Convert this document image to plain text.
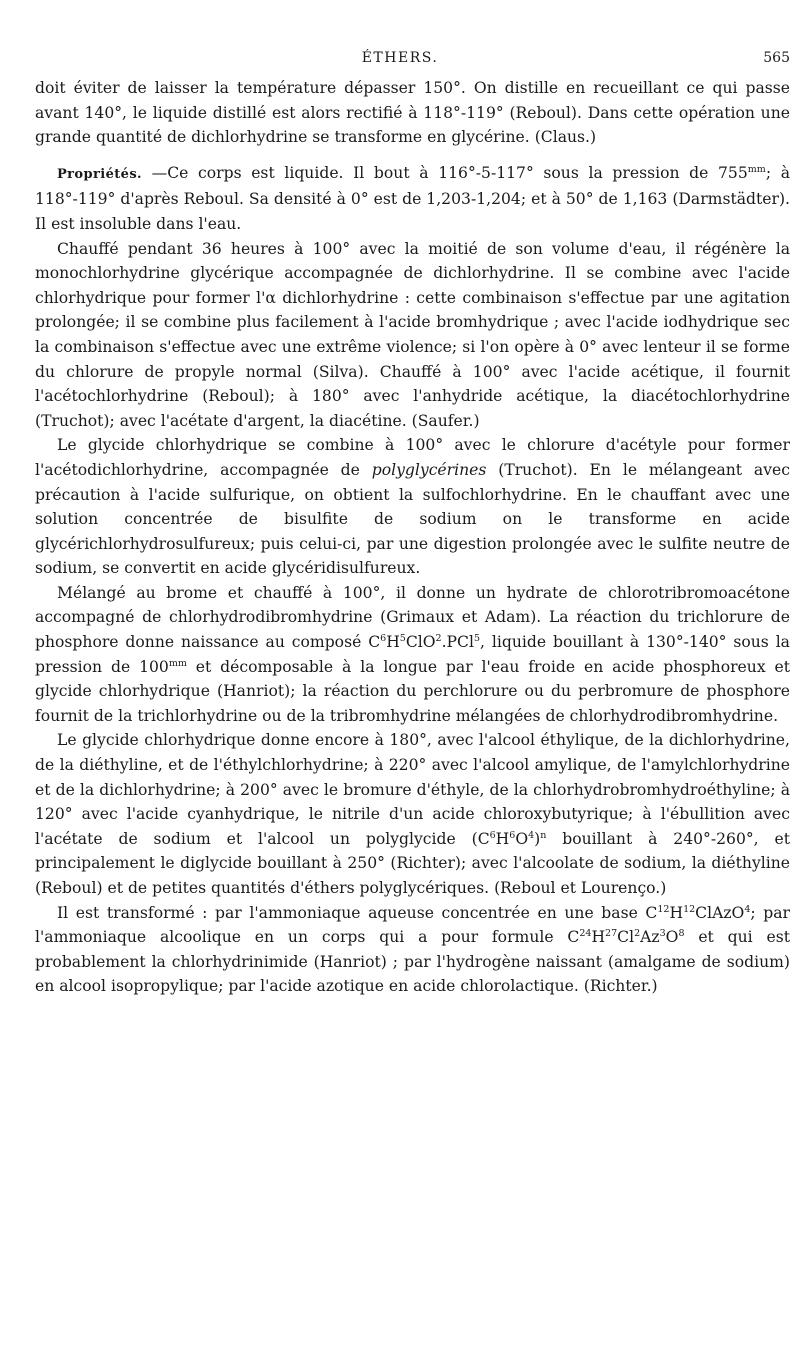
ÉTHERS.	565

doit éviter de laisser la température dépasser 150°. On distille en recueillant ce qui passe avant 140°, le liquide distillé est alors rectifié à 118°-119° (Reboul). Dans cette opération une grande quantité de dichlorhydrine se transforme en glycérine. (Claus.)

Propriétés. —Ce corps est liquide. Il bout à 116°-5-117° sous la pression de $755^{mm}$; à 118°-119° d'après Reboul. Sa densité à 0° est de 1,203-1,204; et à 50° de 1,163 (Darmstädter). Il est insoluble dans l'eau.

Chauffé pendant 36 heures à 100° avec la moitié de son volume d'eau, il régénère la monochlorhydrine glycérique accompagnée de dichlorhydrine. Il se combine avec l'acide chlorhydrique pour former l'α dichlorhydrine : cette combinaison s'effectue par une agitation prolongée; il se combine plus facilement à l'acide bromhydrique ; avec l'acide iodhydrique sec la combinaison s'effectue avec une extrême violence; si l'on opère à 0° avec lenteur il se forme du chlorure de propyle normal (Silva). Chauffé à 100° avec l'acide acétique, il fournit l'acétochlorhydrine (Reboul); à 180° avec l'anhydride acétique, la diacétochlorhydrine (Truchot); avec l'acétate d'argent, la diacétine. (Saufer.)

Le glycide chlorhydrique se combine à 100° avec le chlorure d'acétyle pour former l'acétodichlorhydrine, accompagnée de polyglycérines (Truchot). En le mélangeant avec précaution à l'acide sulfurique, on obtient la sulfochlorhydrine. En le chauffant avec une solution concentrée de bisulfite de sodium on le transforme en acide glycérichlorhydrosulfureux; puis celui-ci, par une digestion prolongée avec le sulfite neutre de sodium, se convertit en acide glycéridisulfureux.

Mélangé au brome et chauffé à 100°, il donne un hydrate de chlorotribromoacétone accompagné de chlorhydrodibromhydrine (Grimaux et Adam). La réaction du trichlorure de phosphore donne naissance au composé $C^6H^5ClO^2.PCl^5$, liquide bouillant à 130°-140° sous la pression de $100^{mm}$ et décomposable à la longue par l'eau froide en acide phosphoreux et glycide chlorhydrique (Hanriot); la réaction du perchlorure ou du perbromure de phosphore fournit de la trichlorhydrine ou de la tribromhydrine mélangées de chlorhydrodibromhydrine.

Le glycide chlorhydrique donne encore à 180°, avec l'alcool éthylique, de la dichlorhydrine, de la diéthyline, et de l'éthylchlorhydrine; à 220° avec l'alcool amylique, de l'amylchlorhydrine et de la dichlorhydrine; à 200° avec le bromure d'éthyle, de la chlorhydrobromhydroéthyline; à 120° avec l'acide cyanhydrique, le nitrile d'un acide chloroxybutyrique; à l'ébullition avec l'acétate de sodium et l'alcool un polyglycide $(C^6H^6O^4)^n$ bouillant à 240°-260°, et principalement le diglycide bouillant à 250° (Richter); avec l'alcoolate de sodium, la diéthyline (Reboul) et de petites quantités d'éthers polyglycériques. (Reboul et Lourenço.)

Il est transformé : par l'ammoniaque aqueuse concentrée en une base $C^{12}H^{12}ClAzO^4$; par l'ammoniaque alcoolique en un corps qui a pour formule $C^{24}H^{27}Cl^2Az^3O^8$ et qui est probablement la chlorhydrinimide (Hanriot) ; par l'hydrogène naissant (amalgame de sodium) en alcool isopropylique; par l'acide azotique en acide chlorolactique. (Richter.)
